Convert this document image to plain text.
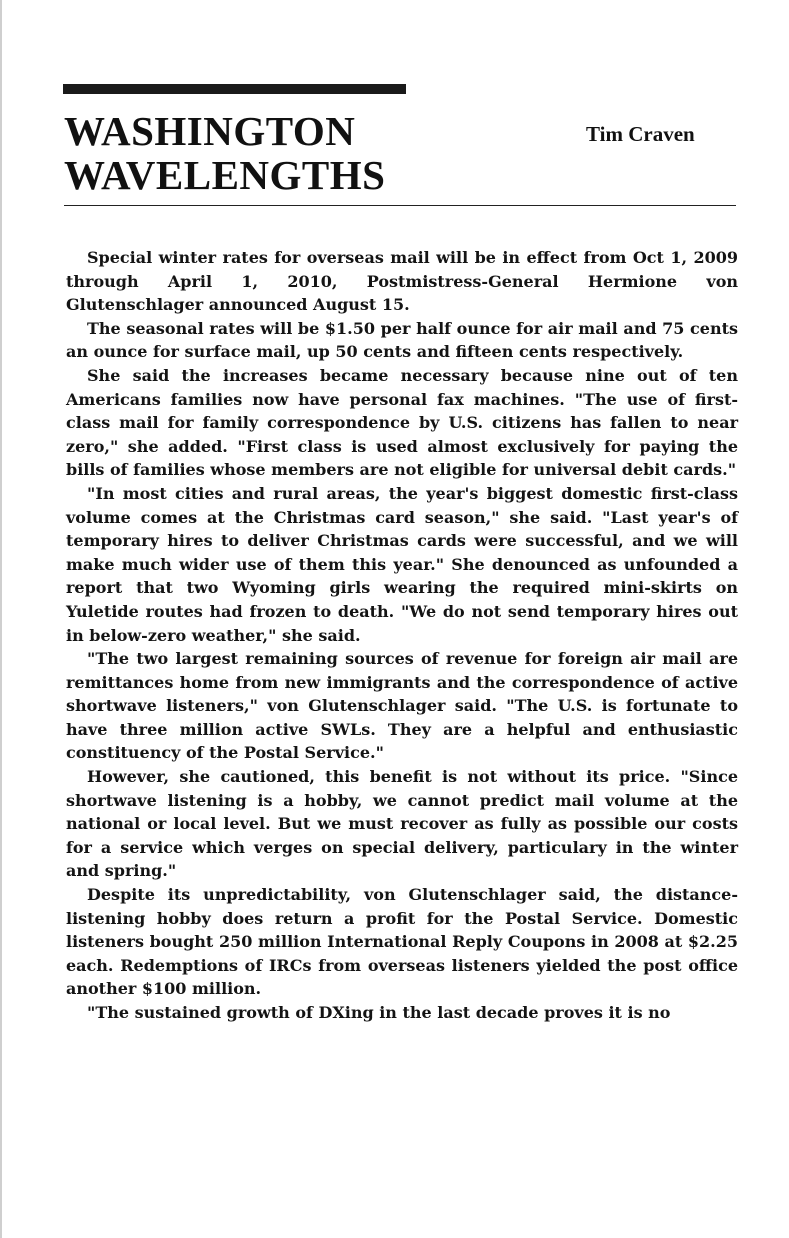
WASHINGTON
WAVELENGTHS
Tim Craven

Special winter rates for overseas mail will be in effect from Oct 1, 2009 through April 1, 2010, Postmistress-General Hermione von Glutenschlager announced August 15.

The seasonal rates will be $1.50 per half ounce for air mail and 75 cents an ounce for surface mail, up 50 cents and fifteen cents respectively.

She said the increases became necessary because nine out of ten Americans families now have personal fax machines. "The use of first-class mail for family correspondence by U.S. citizens has fallen to near zero," she added. "First class is used almost exclusively for paying the bills of families whose members are not eligible for universal debit cards."

"In most cities and rural areas, the year's biggest domestic first-class volume comes at the Christmas card season," she said. "Last year's of temporary hires to deliver Christmas cards were successful, and we will make much wider use of them this year." She denounced as unfounded a report that two Wyoming girls wearing the required mini-skirts on Yuletide routes had frozen to death. "We do not send temporary hires out in below-zero weather," she said.

"The two largest remaining sources of revenue for foreign air mail are remittances home from new immigrants and the correspondence of active shortwave listeners," von Glutenschlager said. "The U.S. is fortunate to have three million active SWLs. They are a helpful and enthusiastic constituency of the Postal Service."

However, she cautioned, this benefit is not without its price. "Since shortwave listening is a hobby, we cannot predict mail volume at the national or local level. But we must recover as fully as possible our costs for a service which verges on special delivery, particulary in the winter and spring."

Despite its unpredictability, von Glutenschlager said, the distance-listening hobby does return a profit for the Postal Service. Domestic listeners bought 250 million International Reply Coupons in 2008 at $2.25 each. Redemptions of IRCs from overseas listeners yielded the post office another $100 million.

"The sustained growth of DXing in the last decade proves it is no
